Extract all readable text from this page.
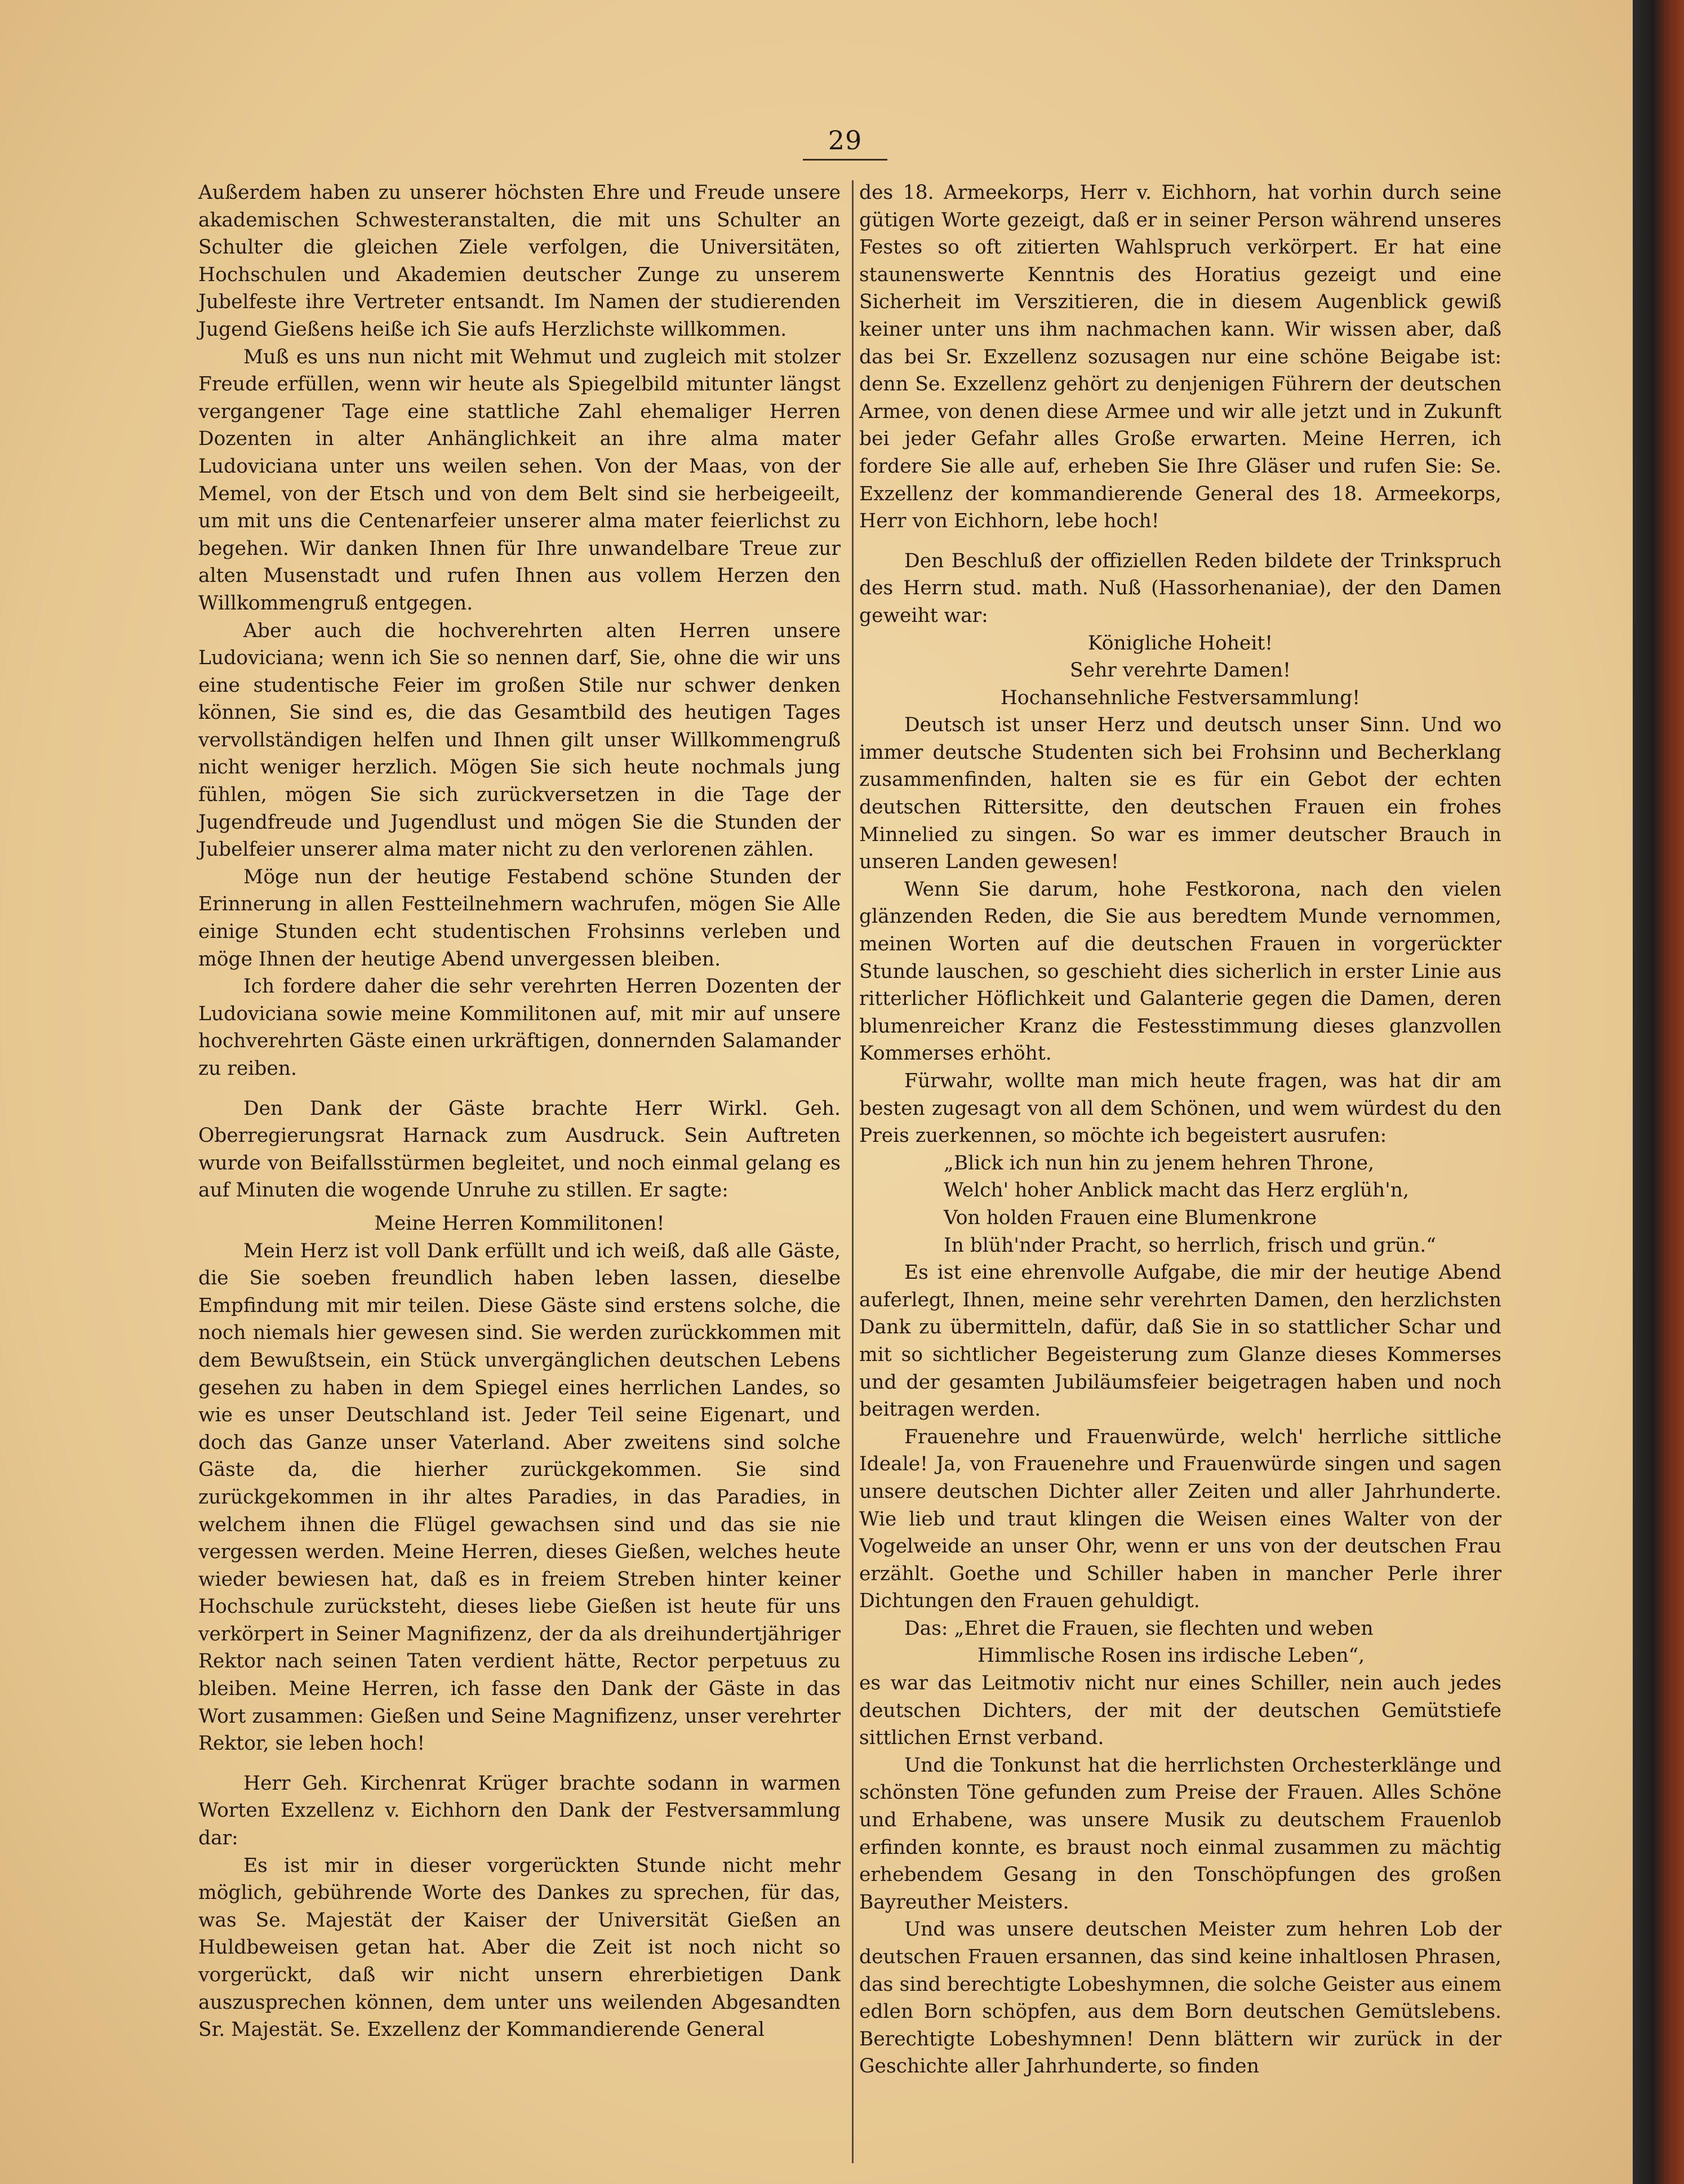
29

Außerdem haben zu unserer höchsten Ehre und Freude unsere akademischen Schwesteranstalten, die mit uns Schulter an Schulter die gleichen Ziele verfolgen, die Universitäten, Hochschulen und Akademien deutscher Zunge zu unserem Jubelfeste ihre Vertreter entsandt. Im Namen der studierenden Jugend Gießens heiße ich Sie aufs Herzlichste willkommen.

Muß es uns nun nicht mit Wehmut und zugleich mit stolzer Freude erfüllen, wenn wir heute als Spiegelbild mitunter längst vergangener Tage eine stattliche Zahl ehemaliger Herren Dozenten in alter Anhänglichkeit an ihre alma mater Ludoviciana unter uns weilen sehen. Von der Maas, von der Memel, von der Etsch und von dem Belt sind sie herbeigeeilt, um mit uns die Centenarfeier unserer alma mater feierlichst zu begehen. Wir danken Ihnen für Ihre unwandelbare Treue zur alten Musenstadt und rufen Ihnen aus vollem Herzen den Willkommengruß entgegen.

Aber auch die hochverehrten alten Herren unsere Ludoviciana; wenn ich Sie so nennen darf, Sie, ohne die wir uns eine studentische Feier im großen Stile nur schwer denken können, Sie sind es, die das Gesamtbild des heutigen Tages vervollständigen helfen und Ihnen gilt unser Willkommengruß nicht weniger herzlich. Mögen Sie sich heute nochmals jung fühlen, mögen Sie sich zurückversetzen in die Tage der Jugendfreude und Jugendlust und mögen Sie die Stunden der Jubelfeier unserer alma mater nicht zu den verlorenen zählen.

Möge nun der heutige Festabend schöne Stunden der Erinnerung in allen Festteilnehmern wachrufen, mögen Sie Alle einige Stunden echt studentischen Frohsinns verleben und möge Ihnen der heutige Abend unvergessen bleiben.

Ich fordere daher die sehr verehrten Herren Dozenten der Ludoviciana sowie meine Kommilitonen auf, mit mir auf unsere hochverehrten Gäste einen urkräftigen, donnernden Salamander zu reiben.

Den Dank der Gäste brachte Herr Wirkl. Geh. Oberregierungsrat Harnack zum Ausdruck. Sein Auftreten wurde von Beifallsstürmen begleitet, und noch einmal gelang es auf Minuten die wogende Unruhe zu stillen. Er sagte:

Meine Herren Kommilitonen!

Mein Herz ist voll Dank erfüllt und ich weiß, daß alle Gäste, die Sie soeben freundlich haben leben lassen, dieselbe Empfindung mit mir teilen. Diese Gäste sind erstens solche, die noch niemals hier gewesen sind. Sie werden zurückkommen mit dem Bewußtsein, ein Stück unvergänglichen deutschen Lebens gesehen zu haben in dem Spiegel eines herrlichen Landes, so wie es unser Deutschland ist. Jeder Teil seine Eigenart, und doch das Ganze unser Vaterland. Aber zweitens sind solche Gäste da, die hierher zurückgekommen. Sie sind zurückgekommen in ihr altes Paradies, in das Paradies, in welchem ihnen die Flügel gewachsen sind und das sie nie vergessen werden. Meine Herren, dieses Gießen, welches heute wieder bewiesen hat, daß es in freiem Streben hinter keiner Hochschule zurücksteht, dieses liebe Gießen ist heute für uns verkörpert in Seiner Magnifizenz, der da als dreihundertjähriger Rektor nach seinen Taten verdient hätte, Rector perpetuus zu bleiben. Meine Herren, ich fasse den Dank der Gäste in das Wort zusammen: Gießen und Seine Magnifizenz, unser verehrter Rektor, sie leben hoch!

Herr Geh. Kirchenrat Krüger brachte sodann in warmen Worten Exzellenz v. Eichhorn den Dank der Festversammlung dar:

Es ist mir in dieser vorgerückten Stunde nicht mehr möglich, gebührende Worte des Dankes zu sprechen, für das, was Se. Majestät der Kaiser der Universität Gießen an Huldbeweisen getan hat. Aber die Zeit ist noch nicht so vorgerückt, daß wir nicht unsern ehrerbietigen Dank auszusprechen können, dem unter uns weilenden Abgesandten Sr. Majestät. Se. Exzellenz der Kommandierende General

des 18. Armeekorps, Herr v. Eichhorn, hat vorhin durch seine gütigen Worte gezeigt, daß er in seiner Person während unseres Festes so oft zitierten Wahlspruch verkörpert. Er hat eine staunenswerte Kenntnis des Horatius gezeigt und eine Sicherheit im Verszitieren, die in diesem Augenblick gewiß keiner unter uns ihm nachmachen kann. Wir wissen aber, daß das bei Sr. Exzellenz sozusagen nur eine schöne Beigabe ist: denn Se. Exzellenz gehört zu denjenigen Führern der deutschen Armee, von denen diese Armee und wir alle jetzt und in Zukunft bei jeder Gefahr alles Große erwarten. Meine Herren, ich fordere Sie alle auf, erheben Sie Ihre Gläser und rufen Sie: Se. Exzellenz der kommandierende General des 18. Armeekorps, Herr von Eichhorn, lebe hoch!

Den Beschluß der offiziellen Reden bildete der Trinkspruch des Herrn stud. math. Nuß (Hassorhenaniae), der den Damen geweiht war:

Königliche Hoheit!

Sehr verehrte Damen!

Hochansehnliche Festversammlung!

Deutsch ist unser Herz und deutsch unser Sinn. Und wo immer deutsche Studenten sich bei Frohsinn und Becherklang zusammenfinden, halten sie es für ein Gebot der echten deutschen Rittersitte, den deutschen Frauen ein frohes Minnelied zu singen. So war es immer deutscher Brauch in unseren Landen gewesen!

Wenn Sie darum, hohe Festkorona, nach den vielen glänzenden Reden, die Sie aus beredtem Munde vernommen, meinen Worten auf die deutschen Frauen in vorgerückter Stunde lauschen, so geschieht dies sicherlich in erster Linie aus ritterlicher Höflichkeit und Galanterie gegen die Damen, deren blumenreicher Kranz die Festesstimmung dieses glanzvollen Kommerses erhöht.

Fürwahr, wollte man mich heute fragen, was hat dir am besten zugesagt von all dem Schönen, und wem würdest du den Preis zuerkennen, so möchte ich begeistert ausrufen:

„Blick ich nun hin zu jenem hehren Throne,

Welch' hoher Anblick macht das Herz erglüh'n,

Von holden Frauen eine Blumenkrone

In blüh'nder Pracht, so herrlich, frisch und grün.“

Es ist eine ehrenvolle Aufgabe, die mir der heutige Abend auferlegt, Ihnen, meine sehr verehrten Damen, den herzlichsten Dank zu übermitteln, dafür, daß Sie in so stattlicher Schar und mit so sichtlicher Begeisterung zum Glanze dieses Kommerses und der gesamten Jubiläumsfeier beigetragen haben und noch beitragen werden.

Frauenehre und Frauenwürde, welch' herrliche sittliche Ideale! Ja, von Frauenehre und Frauenwürde singen und sagen unsere deutschen Dichter aller Zeiten und aller Jahrhunderte. Wie lieb und traut klingen die Weisen eines Walter von der Vogelweide an unser Ohr, wenn er uns von der deutschen Frau erzählt. Goethe und Schiller haben in mancher Perle ihrer Dichtungen den Frauen gehuldigt.

Das: „Ehret die Frauen, sie flechten und weben

Himmlische Rosen ins irdische Leben“,

es war das Leitmotiv nicht nur eines Schiller, nein auch jedes deutschen Dichters, der mit der deutschen Gemütstiefe sittlichen Ernst verband.

Und die Tonkunst hat die herrlichsten Orchesterklänge und schönsten Töne gefunden zum Preise der Frauen. Alles Schöne und Erhabene, was unsere Musik zu deutschem Frauenlob erfinden konnte, es braust noch einmal zusammen zu mächtig erhebendem Gesang in den Tonschöpfungen des großen Bayreuther Meisters.

Und was unsere deutschen Meister zum hehren Lob der deutschen Frauen ersannen, das sind keine inhaltlosen Phrasen, das sind berechtigte Lobeshymnen, die solche Geister aus einem edlen Born schöpfen, aus dem Born deutschen Gemütslebens. Berechtigte Lobeshymnen! Denn blättern wir zurück in der Geschichte aller Jahrhunderte, so finden
